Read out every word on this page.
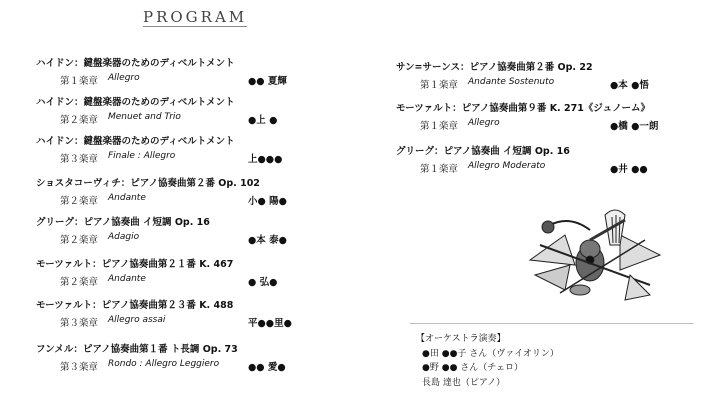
PROGRAM
ハイドン：鍵盤楽器のためのディベルトメント
第１楽章 Allegro	●● 夏輝
ハイドン：鍵盤楽器のためのディベルトメント
第２楽章 Menuet and Trio	●上 ●
ハイドン：鍵盤楽器のためのディベルトメント
第３楽章 Finale : Allegro	上●●●
ショスタコーヴィチ：ピアノ協奏曲第２番 Op. 102
第２楽章 Andante	小● 陽●
グリーグ：ピアノ協奏曲 イ短調 Op. 16
第２楽章 Adagio	●本 泰●
モーツァルト：ピアノ協奏曲第２１番 K. 467
第２楽章 Andante	● 弘●
モーツァルト：ピアノ協奏曲第２３番 K. 488
第３楽章 Allegro assai	平●●里●
フンメル：ピアノ協奏曲第１番 ト長調 Op. 73
第３楽章 Rondo : Allegro Leggiero	●● 愛●
サン=サーンス：ピアノ協奏曲第２番 Op. 22
第１楽章 Andante Sostenuto	●本 ●悟
モーツァルト：ピアノ協奏曲第９番 K. 271《ジュノーム》
第１楽章 Allegro	●橋 ●一朗
グリーグ：ピアノ協奏曲 イ短調 Op. 16
第１楽章 Allegro Moderato	●井 ●●
【オーケストラ演奏】
●田 ●●子 さん（ヴァイオリン）
●野 ●● さん（チェロ）
長島 達也（ピアノ）
